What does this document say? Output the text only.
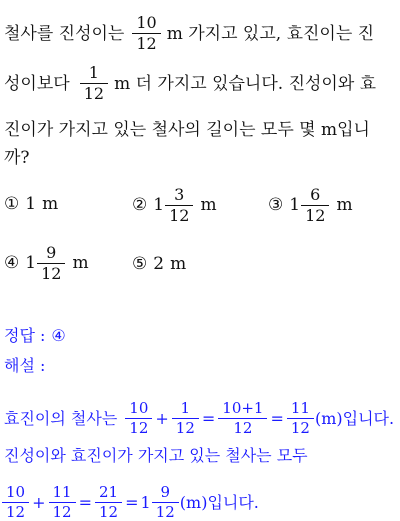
철사를 진성이는 $\frac{10}{12}$ m 가지고 있고, 효진이는 진
성이보다 $\frac{1}{12}$ m 더 가지고 있습니다. 진성이와 효
진이가 가지고 있는 철사의 길이는 모두 몇 m입니
까?
① 1 m	② $1 \frac{3}{12}$ m	③ $1 \frac{6}{12}$ m
④ $1 \frac{9}{12}$ m	⑤ 2 m
정답 : ④
해설 :
효진이의 철사는 $\frac{10}{12} + \frac{1}{12} = \frac{10+1}{12} = \frac{11}{12} (m)$입니다.
진성이와 효진이가 가지고 있는 철사는 모두
$\frac{10}{12} + \frac{11}{12} = \frac{21}{12} = 1 \frac{9}{12} (m)$입니다.
